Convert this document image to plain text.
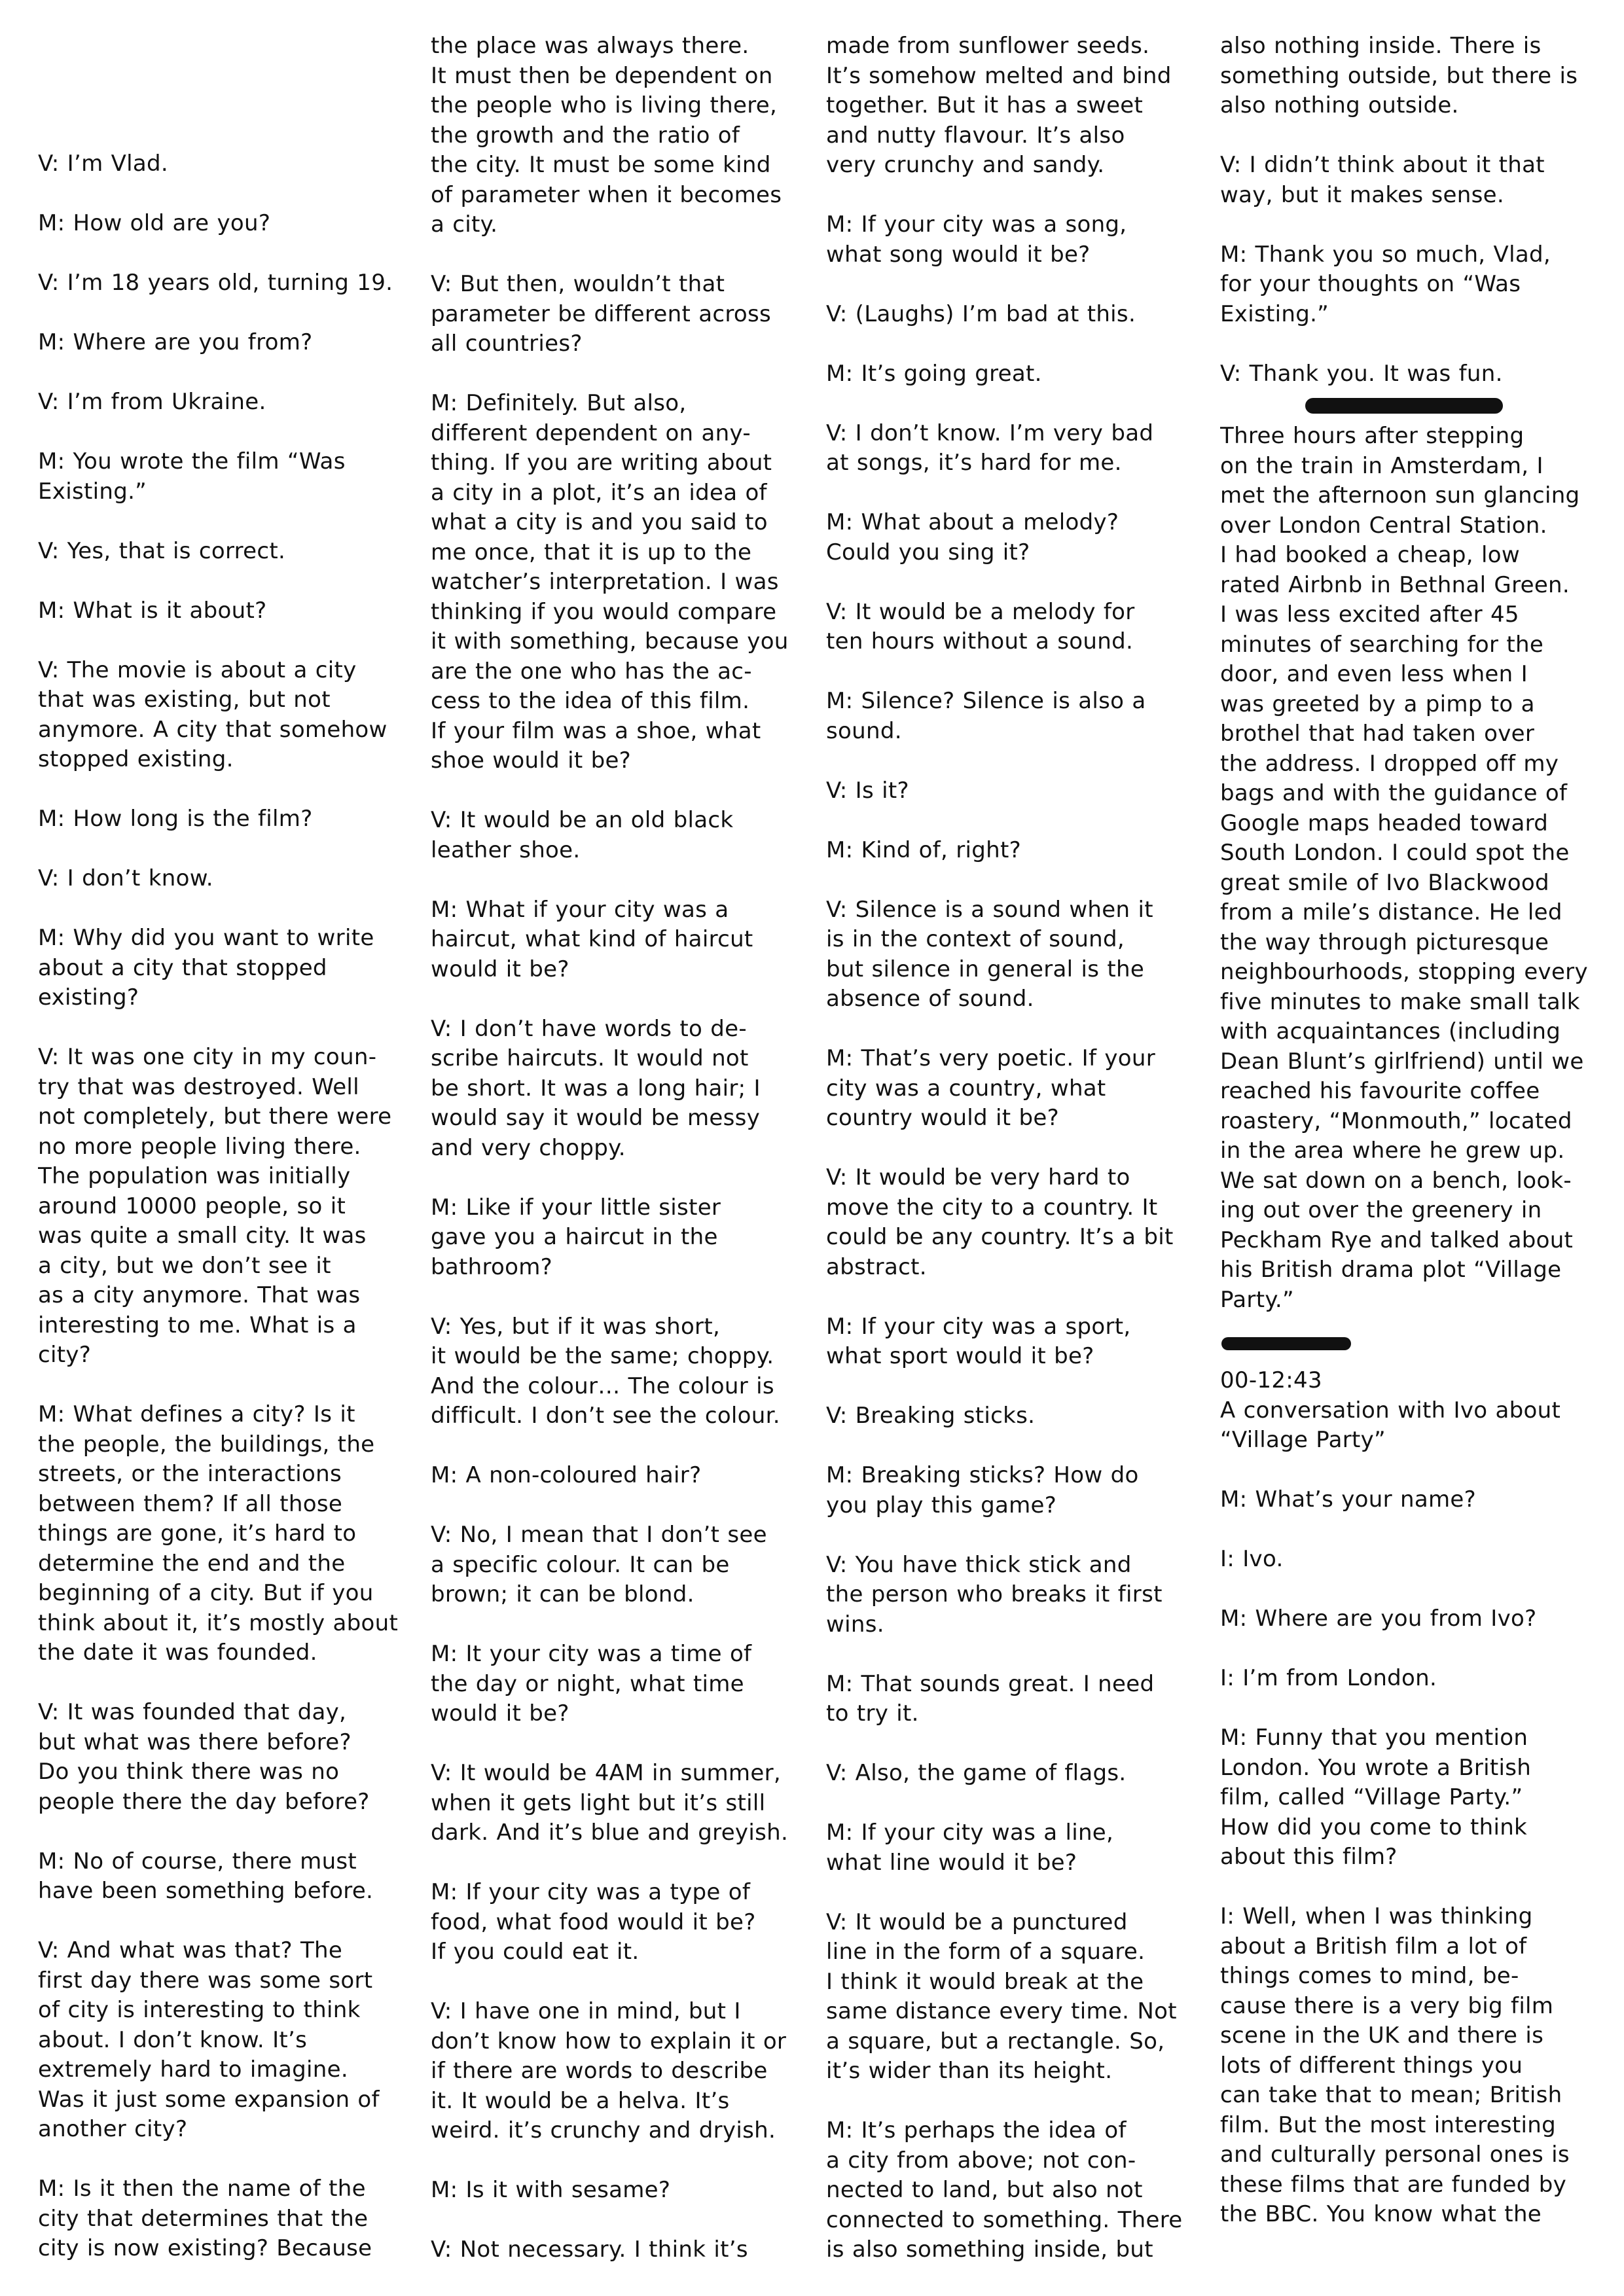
V: I’m Vlad.

M: How old are you?

V: I’m 18 years old, turning 19.

M: Where are you from?

V: I’m from Ukraine.

M: You wrote the film “Was
Existing.”

V: Yes, that is correct.

M: What is it about?

V: The movie is about a city
that was existing, but not
anymore. A city that somehow
stopped existing.

M: How long is the film?

V: I don’t know.

M: Why did you want to write
about a city that stopped
existing?

V: It was one city in my coun-
try that was destroyed. Well
not completely, but there were
no more people living there.
The population was initially
around 10000 people, so it
was quite a small city. It was
a city, but we don’t see it
as a city anymore. That was
interesting to me. What is a
city?

M: What defines a city? Is it
the people, the buildings, the
streets, or the interactions
between them? If all those
things are gone, it’s hard to
determine the end and the
beginning of a city. But if you
think about it, it’s mostly about
the date it was founded.

V: It was founded that day,
but what was there before?
Do you think there was no
people there the day before?

M: No of course, there must
have been something before.

V: And what was that? The
first day there was some sort
of city is interesting to think
about. I don’t know. It’s
extremely hard to imagine.
Was it just some expansion of
another city?

M: Is it then the name of the
city that determines that the
city is now existing? Because

the place was always there.
It must then be dependent on
the people who is living there,
the growth and the ratio of
the city. It must be some kind
of parameter when it becomes
a city.

V: But then, wouldn’t that
parameter be different across
all countries?

M: Definitely. But also,
different dependent on any-
thing. If you are writing about
a city in a plot, it’s an idea of
what a city is and you said to
me once, that it is up to the
watcher’s interpretation. I was
thinking if you would compare
it with something, because you
are the one who has the ac-
cess to the idea of this film.
If your film was a shoe, what
shoe would it be?

V: It would be an old black
leather shoe.

M: What if your city was a
haircut, what kind of haircut
would it be?

V: I don’t have words to de-
scribe haircuts. It would not
be short. It was a long hair; I
would say it would be messy
and very choppy.

M: Like if your little sister
gave you a haircut in the
bathroom?

V: Yes, but if it was short,
it would be the same; choppy.
And the colour… The colour is
difficult. I don’t see the colour.

M: A non-coloured hair?

V: No, I mean that I don’t see
a specific colour. It can be
brown; it can be blond.

M: It your city was a time of
the day or night, what time
would it be?

V: It would be 4AM in summer,
when it gets light but it’s still
dark. And it’s blue and greyish.

M: If your city was a type of
food, what food would it be?
If you could eat it.

V: I have one in mind, but I
don’t know how to explain it or
if there are words to describe
it. It would be a helva. It’s
weird. it’s crunchy and dryish.

M: Is it with sesame?

V: Not necessary. I think it’s

made from sunflower seeds.
It’s somehow melted and bind
together. But it has a sweet
and nutty flavour. It’s also
very crunchy and sandy.

M: If your city was a song,
what song would it be?

V: (Laughs) I’m bad at this.

M: It’s going great.

V: I don’t know. I’m very bad
at songs, it’s hard for me.

M: What about a melody?
Could you sing it?

V: It would be a melody for
ten hours without a sound.

M: Silence? Silence is also a
sound.

V: Is it?

M: Kind of, right?

V: Silence is a sound when it
is in the context of sound,
but silence in general is the
absence of sound.

M: That’s very poetic. If your
city was a country, what
country would it be?

V: It would be very hard to
move the city to a country. It
could be any country. It’s a bit
abstract.

M: If your city was a sport,
what sport would it be?

V: Breaking sticks.

M: Breaking sticks? How do
you play this game?

V: You have thick stick and
the person who breaks it first
wins.

M: That sounds great. I need
to try it.

V: Also, the game of flags.

M: If your city was a line,
what line would it be?

V: It would be a punctured
line in the form of a square.
I think it would break at the
same distance every time. Not
a square, but a rectangle. So,
it’s wider than its height.

M: It’s perhaps the idea of
a city from above; not con-
nected to land, but also not
connected to something. There
is also something inside, but

also nothing inside. There is
something outside, but there is
also nothing outside.

V: I didn’t think about it that
way, but it makes sense.

M: Thank you so much, Vlad,
for your thoughts on “Was
Existing.”

V: Thank you. It was fun.

Three hours after stepping
on the train in Amsterdam, I
met the afternoon sun glancing
over London Central Station.
I had booked a cheap, low
rated Airbnb in Bethnal Green.
I was less excited after 45
minutes of searching for the
door, and even less when I
was greeted by a pimp to a
brothel that had taken over
the address. I dropped off my
bags and with the guidance of
Google maps headed toward
South London. I could spot the
great smile of Ivo Blackwood
from a mile’s distance. He led
the way through picturesque
neighbourhoods, stopping every
five minutes to make small talk
with acquaintances (including
Dean Blunt’s girlfriend) until we
reached his favourite coffee
roastery, “Monmouth,” located
in the area where he grew up.
We sat down on a bench, look-
ing out over the greenery in
Peckham Rye and talked about
his British drama plot “Village
Party.”

00-12:43

A conversation with Ivo about
“Village Party”

M: What’s your name?

I: Ivo.

M: Where are you from Ivo?

I: I’m from London.

M: Funny that you mention
London. You wrote a British
film, called “Village Party.”
How did you come to think
about this film?

I: Well, when I was thinking
about a British film a lot of
things comes to mind, be-
cause there is a very big film
scene in the UK and there is
lots of different things you
can take that to mean; British
film. But the most interesting
and culturally personal ones is
these films that are funded by
the BBC. You know what the
